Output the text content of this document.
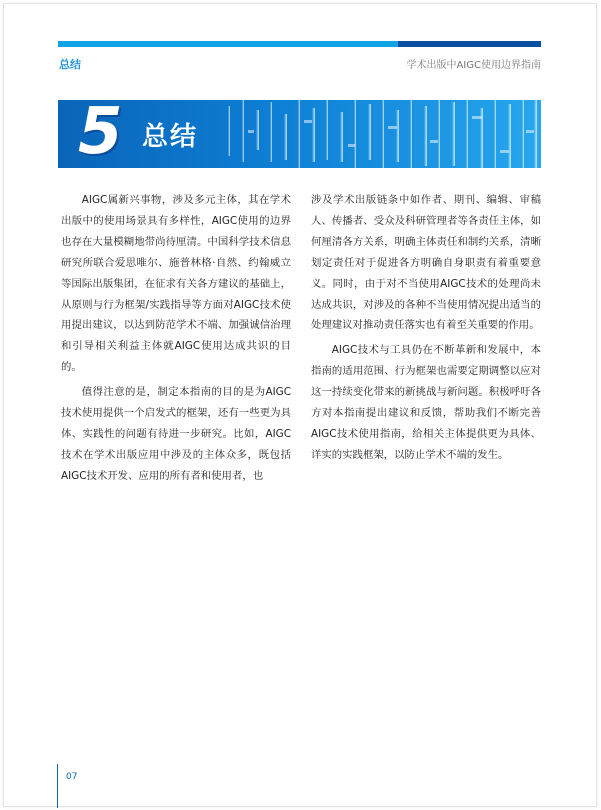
总结	学术出版中AIGC使用边界指南
5 总结

AIGC属新兴事物，涉及多元主体，其在学术出版中的使用场景具有多样性，AIGC使用的边界也存在大量模糊地带尚待厘清。中国科学技术信息研究所联合爱思唯尔、施普林格·自然、约翰威立等国际出版集团，在征求有关各方建议的基础上，从原则与行为框架/实践指导等方面对AIGC技术使用提出建议，以达到防范学术不端、加强诚信治理和引导相关利益主体就AIGC使用达成共识的目的。

值得注意的是，制定本指南的目的是为AIGC技术使用提供一个启发式的框架，还有一些更为具体、实践性的问题有待进一步研究。比如，AIGC技术在学术出版应用中涉及的主体众多，既包括AIGC技术开发、应用的所有者和使用者，也

涉及学术出版链条中如作者、期刊、编辑、审稿人、传播者、受众及科研管理者等各责任主体，如何厘清各方关系，明确主体责任和制约关系，清晰划定责任对于促进各方明确自身职责有着重要意义。同时，由于对不当使用AIGC技术的处理尚未达成共识，对涉及的各种不当使用情况提出适当的处理建议对推动责任落实也有着至关重要的作用。

AIGC技术与工具仍在不断革新和发展中，本指南的适用范围、行为框架也需要定期调整以应对这一持续变化带来的新挑战与新问题。积极呼吁各方对本指南提出建议和反馈，帮助我们不断完善AIGC技术使用指南，给相关主体提供更为具体、详实的实践框架，以防止学术不端的发生。

07
